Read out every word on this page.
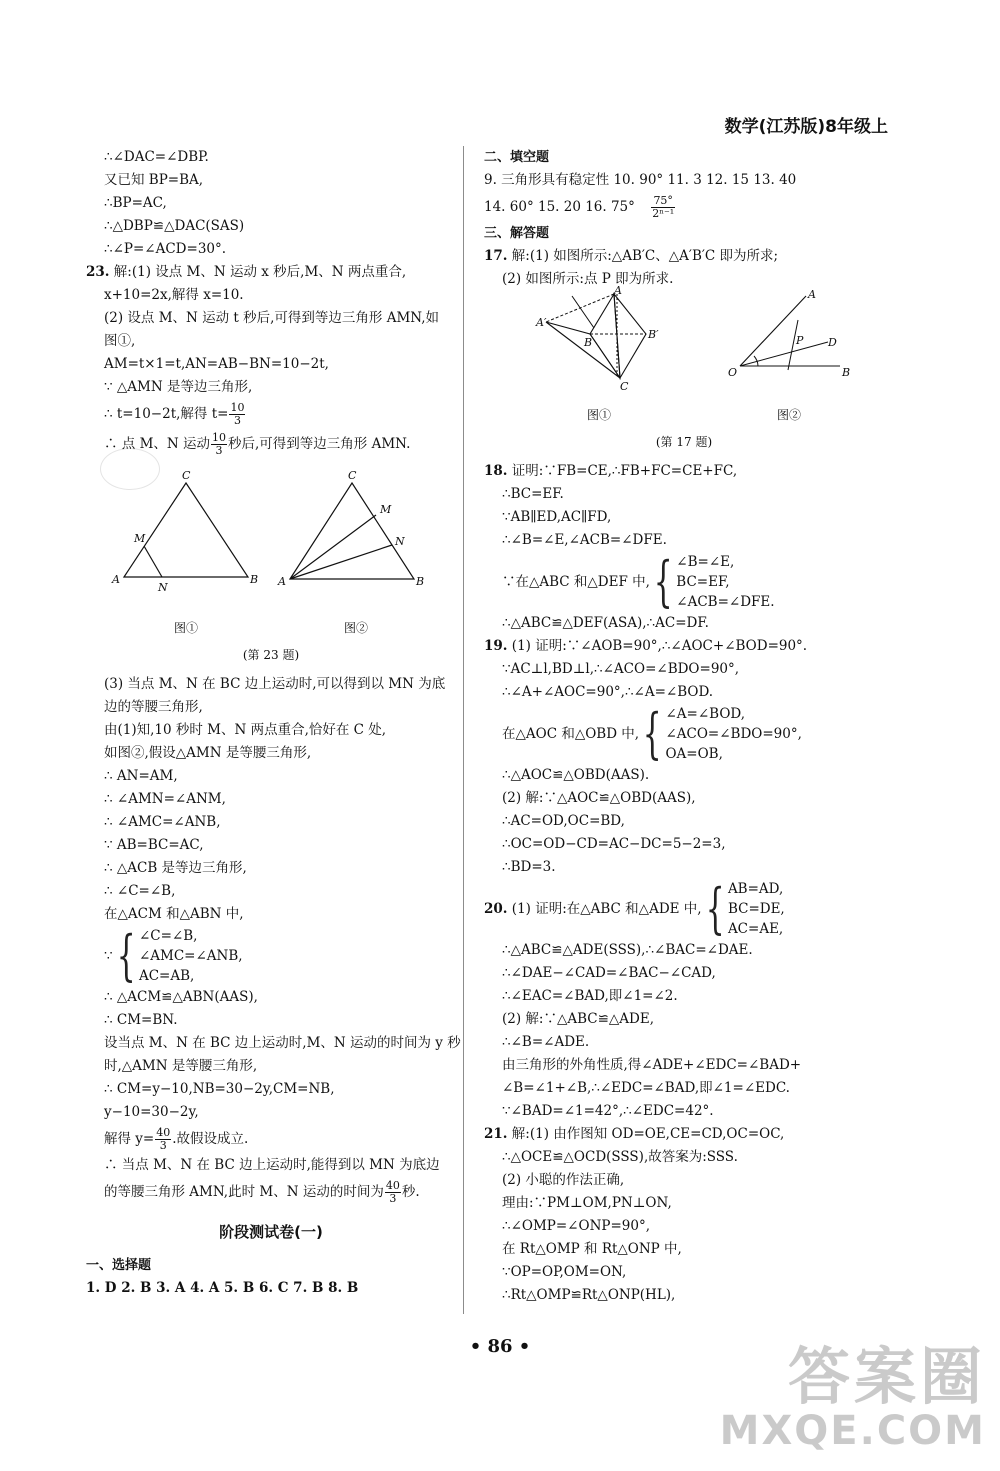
数学(江苏版)8年级上
∴∠DAC=∠DBP.
又已知 BP=BA,
∴BP=AC,
∴△DBP≌△DAC(SAS)
∴∠P=∠ACD=30°.
23. 解:(1) 设点 M、N 运动 x 秒后,M、N 两点重合,
x+10=2x,解得 x=10.
(2) 设点 M、N 运动 t 秒后,可得到等边三角形 AMN,如
图①,
AM=t×1=t,AN=AB−BN=10−2t,
∵ △AMN 是等边三角形,
∴ t=10−2t,解得 $t= \frac{10}{3}$
∴ 点 M、N 运动 $\frac{10}{3}$ 秒后,可得到等边三角形 AMN.
C
A	B
M
N
图①
C
A	B
M
N
图②
(第 23 题)
(3) 当点 M、N 在 BC 边上运动时,可以得到以 MN 为底
边的等腰三角形,
由(1)知,10 秒时 M、N 两点重合,恰好在 C 处,
如图②,假设△AMN 是等腰三角形,
∴ AN=AM,
∴ ∠AMN=∠ANM,
∴ ∠AMC=∠ANB,
∵ AB=BC=AC,
∴ △ACB 是等边三角形,
∴ ∠C=∠B,
在△ACM 和△ABN 中,
∵ { ∠C=∠B,
∠AMC=∠ANB,
AC=AB,
∴ △ACM≌△ABN(AAS),
∴ CM=BN.
设当点 M、N 在 BC 边上运动时,M、N 运动的时间为 y 秒
时,△AMN 是等腰三角形,
∴ CM=y−10,NB=30−2y,CM=NB,
y−10=30−2y,
解得 $y= \frac{40}{3}$ .故假设成立.
∴ 当点 M、N 在 BC 边上运动时,能得到以 MN 为底边
的等腰三角形 AMN,此时 M、N 运动的时间为 $\frac{40}{3}$ 秒.
阶段测试卷(一)
一、选择题
1. D 2. B 3. A 4. A 5. B 6. C 7. B 8. B
二、填空题
9. 三角形具有稳定性 10. 90° 11. 3 12. 15 13. 40
14. 60° 15. 20 16. $75^\circ \frac{75^\circ}{\text{2ⁿ⁻¹}}$
三、解答题
17. 解:(1) 如图所示:△AB′C、△A′B′C 即为所求;
(2) 如图所示:点 P 即为所求.
A
A′
B
B′
C
图①
A
O	B
P D
图②
(第 17 题)
18. 证明:∵FB=CE,∴FB+FC=CE+FC,
∴BC=EF.
∵AB∥ED,AC∥FD,
∴∠B=∠E,∠ACB=∠DFE.
∵在△ABC 和△DEF 中, { ∠B=∠E,
BC=EF,
∠ACB=∠DFE.
∴△ABC≌△DEF(ASA),∴AC=DF.
19. (1) 证明:∵∠AOB=90°,∴∠AOC+∠BOD=90°.
∵AC⊥l,BD⊥l,∴∠ACO=∠BDO=90°,
∴∠A+∠AOC=90°,∴∠A=∠BOD.
在△AOC 和△OBD 中, { ∠A=∠BOD,
∠ACO=∠BDO=90°,
OA=OB,
∴△AOC≌△OBD(AAS).
(2) 解:∵△AOC≌△OBD(AAS),
∴AC=OD,OC=BD,
∴OC=OD−CD=AC−DC=5−2=3,
∴BD=3.
20.
(1) 证明:在△ABC 和△ADE 中, { AB=AD,
BC=DE,
AC=AE,
∴△ABC≌△ADE(SSS),∴∠BAC=∠DAE.
∴∠DAE−∠CAD=∠BAC−∠CAD,
∴∠EAC=∠BAD,即∠1=∠2.
(2) 解:∵△ABC≌△ADE,
∴∠B=∠ADE.
由三角形的外角性质,得∠ADE+∠EDC=∠BAD+
∠B=∠1+∠B,∴∠EDC=∠BAD,即∠1=∠EDC.
∵∠BAD=∠1=42°,∴∠EDC=42°.
21. 解:(1) 由作图知 OD=OE,CE=CD,OC=OC,
∴△OCE≌△OCD(SSS),故答案为:SSS.
(2) 小聪的作法正确,
理由:∵PM⊥OM,PN⊥ON,
∴∠OMP=∠ONP=90°,
在 Rt△OMP 和 Rt△ONP 中,
∵OP=OP,OM=ON,
∴Rt△OMP≌Rt△ONP(HL),
• 86 •	答案圈
MXQE.COM
